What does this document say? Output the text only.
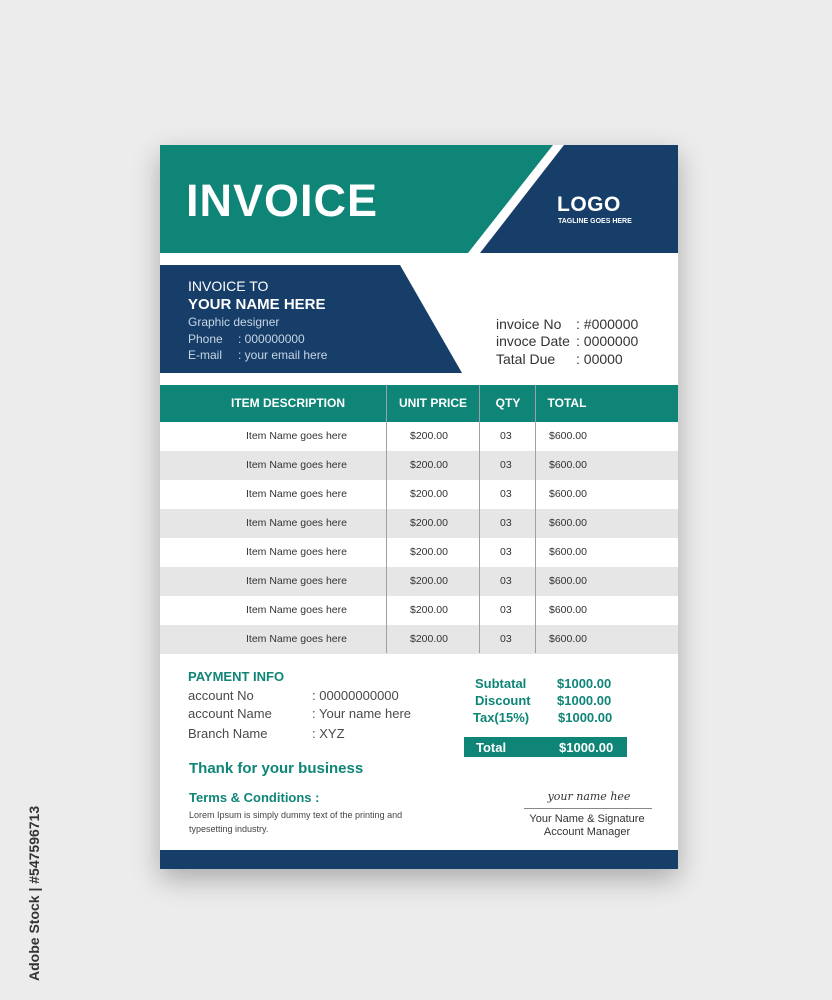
INVOICE	LOGO
TAGLINE GOES HERE
INVOICE TO
YOUR NAME HERE
Graphic designer
Phone : 000000000
E-mail : your email here
invoice No : #000000
invoce Date : 0000000
Tatal Due : 00000
ITEM DESCRIPTION	UNIT PRICE	QTY	TOTAL
Item Name goes here	$200.00	03	$600.00
Item Name goes here	$200.00	03	$600.00
Item Name goes here	$200.00	03	$600.00
Item Name goes here	$200.00	03	$600.00
Item Name goes here	$200.00	03	$600.00
Item Name goes here	$200.00	03	$600.00
Item Name goes here	$200.00	03	$600.00
Item Name goes here	$200.00	03	$600.00
PAYMENT INFO
account No	: 00000000000
account Name	: Your name here
Branch Name	: XYZ
Subtatal $1000.00
Discount $1000.00
Tax(15%) $1000.00
Total	$1000.00
Thank for your business
Terms & Conditions :
Lorem Ipsum is simply dummy text of the printing and typesetting industry.
your name hee
Your Name & Signature
Account Manager
Adobe Stock | #547596713
